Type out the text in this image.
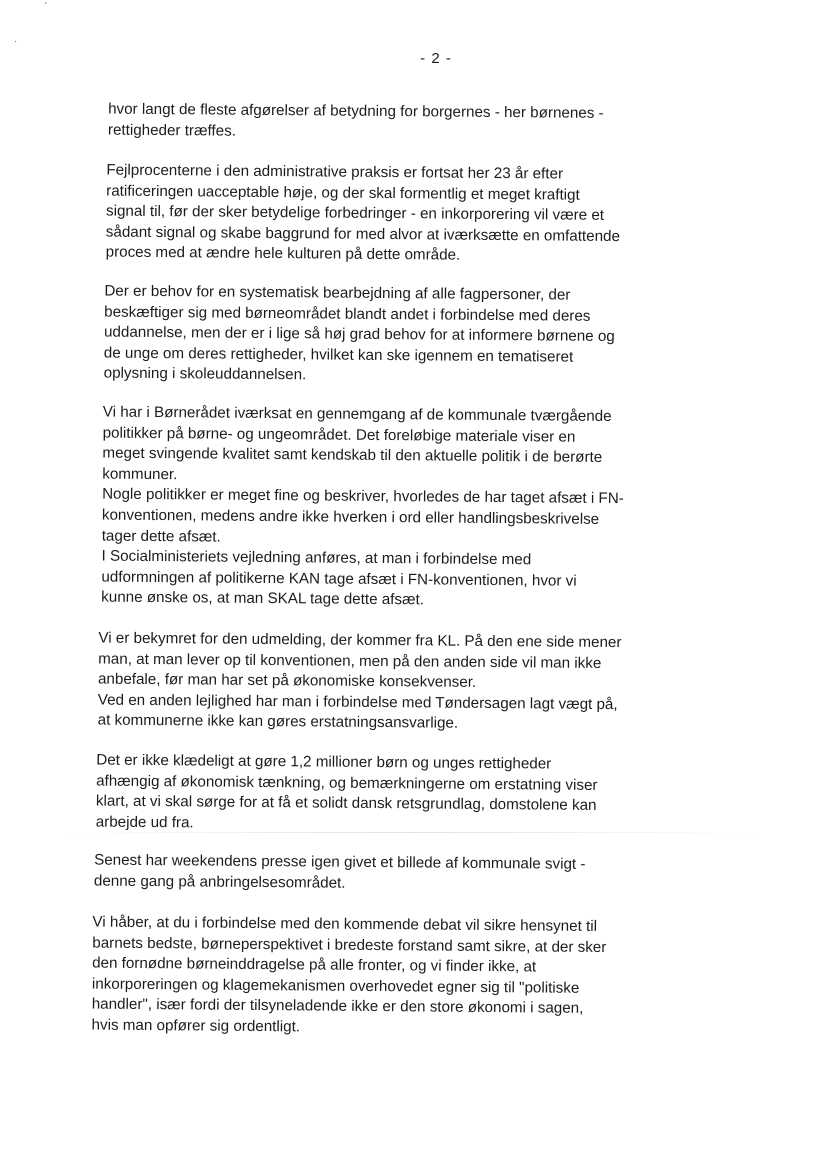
ˊ
·
- 2 -
hvor langt de fleste afgørelser af betydning for borgernes - her børnenes -
rettigheder træffes.
Fejlprocenterne i den administrative praksis er fortsat her 23 år efter
ratificeringen uacceptable høje, og der skal formentlig et meget kraftigt
signal til, før der sker betydelige forbedringer - en inkorporering vil være et
sådant signal og skabe baggrund for med alvor at iværksætte en omfattende
proces med at ændre hele kulturen på dette område.
Der er behov for en systematisk bearbejdning af alle fagpersoner, der
beskæftiger sig med børneområdet blandt andet i forbindelse med deres
uddannelse, men der er i lige så høj grad behov for at informere børnene og
de unge om deres rettigheder, hvilket kan ske igennem en tematiseret
oplysning i skoleuddannelsen.
Vi har i Børnerådet iværksat en gennemgang af de kommunale tværgående
politikker på børne- og ungeområdet. Det foreløbige materiale viser en
meget svingende kvalitet samt kendskab til den aktuelle politik i de berørte
kommuner.
Nogle politikker er meget fine og beskriver, hvorledes de har taget afsæt i FN-
konventionen, medens andre ikke hverken i ord eller handlingsbeskrivelse
tager dette afsæt.
I Socialministeriets vejledning anføres, at man i forbindelse med
udformningen af politikerne KAN tage afsæt i FN-konventionen, hvor vi
kunne ønske os, at man SKAL tage dette afsæt.
Vi er bekymret for den udmelding, der kommer fra KL. På den ene side mener
man, at man lever op til konventionen, men på den anden side vil man ikke
anbefale, før man har set på økonomiske konsekvenser.
Ved en anden lejlighed har man i forbindelse med Tøndersagen lagt vægt på,
at kommunerne ikke kan gøres erstatningsansvarlige.
Det er ikke klædeligt at gøre 1,2 millioner børn og unges rettigheder
afhængig af økonomisk tænkning, og bemærkningerne om erstatning viser
klart, at vi skal sørge for at få et solidt dansk retsgrundlag, domstolene kan
arbejde ud fra.
Senest har weekendens presse igen givet et billede af kommunale svigt -
denne gang på anbringelsesområdet.
Vi håber, at du i forbindelse med den kommende debat vil sikre hensynet til
barnets bedste, børneperspektivet i bredeste forstand samt sikre, at der sker
den fornødne børneinddragelse på alle fronter, og vi finder ikke, at
inkorporeringen og klagemekanismen overhovedet egner sig til "politiske
handler", især fordi der tilsyneladende ikke er den store økonomi i sagen,
hvis man opfører sig ordentligt.
